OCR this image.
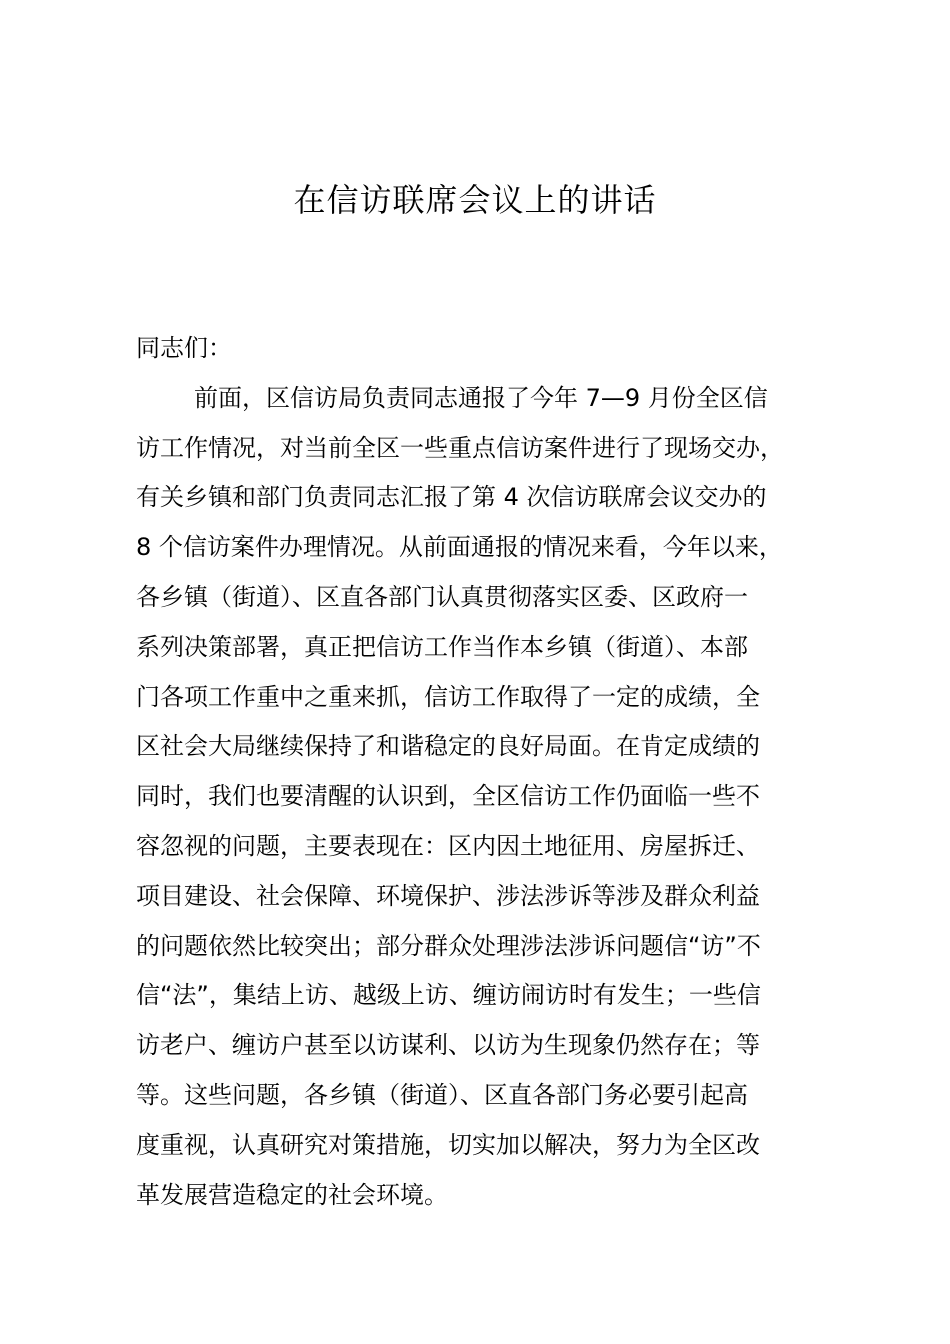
在信访联席会议上的讲话

同志们：

前面，区信访局负责同志通报了今年 7—9 月份全区信
访工作情况，对当前全区一些重点信访案件进行了现场交办，
有关乡镇和部门负责同志汇报了第 4 次信访联席会议交办的
8 个信访案件办理情况。从前面通报的情况来看，今年以来，
各乡镇（街道）、区直各部门认真贯彻落实区委、区政府一
系列决策部署，真正把信访工作当作本乡镇（街道）、本部
门各项工作重中之重来抓，信访工作取得了一定的成绩，全
区社会大局继续保持了和谐稳定的良好局面。在肯定成绩的
同时，我们也要清醒的认识到，全区信访工作仍面临一些不
容忽视的问题，主要表现在：区内因土地征用、房屋拆迁、
项目建设、社会保障、环境保护、涉法涉诉等涉及群众利益
的问题依然比较突出；部分群众处理涉法涉诉问题信“访”不
信“法”，集结上访、越级上访、缠访闹访时有发生；一些信
访老户、缠访户甚至以访谋利、以访为生现象仍然存在；等
等。这些问题，各乡镇（街道）、区直各部门务必要引起高
度重视，认真研究对策措施，切实加以解决，努力为全区改
革发展营造稳定的社会环境。
